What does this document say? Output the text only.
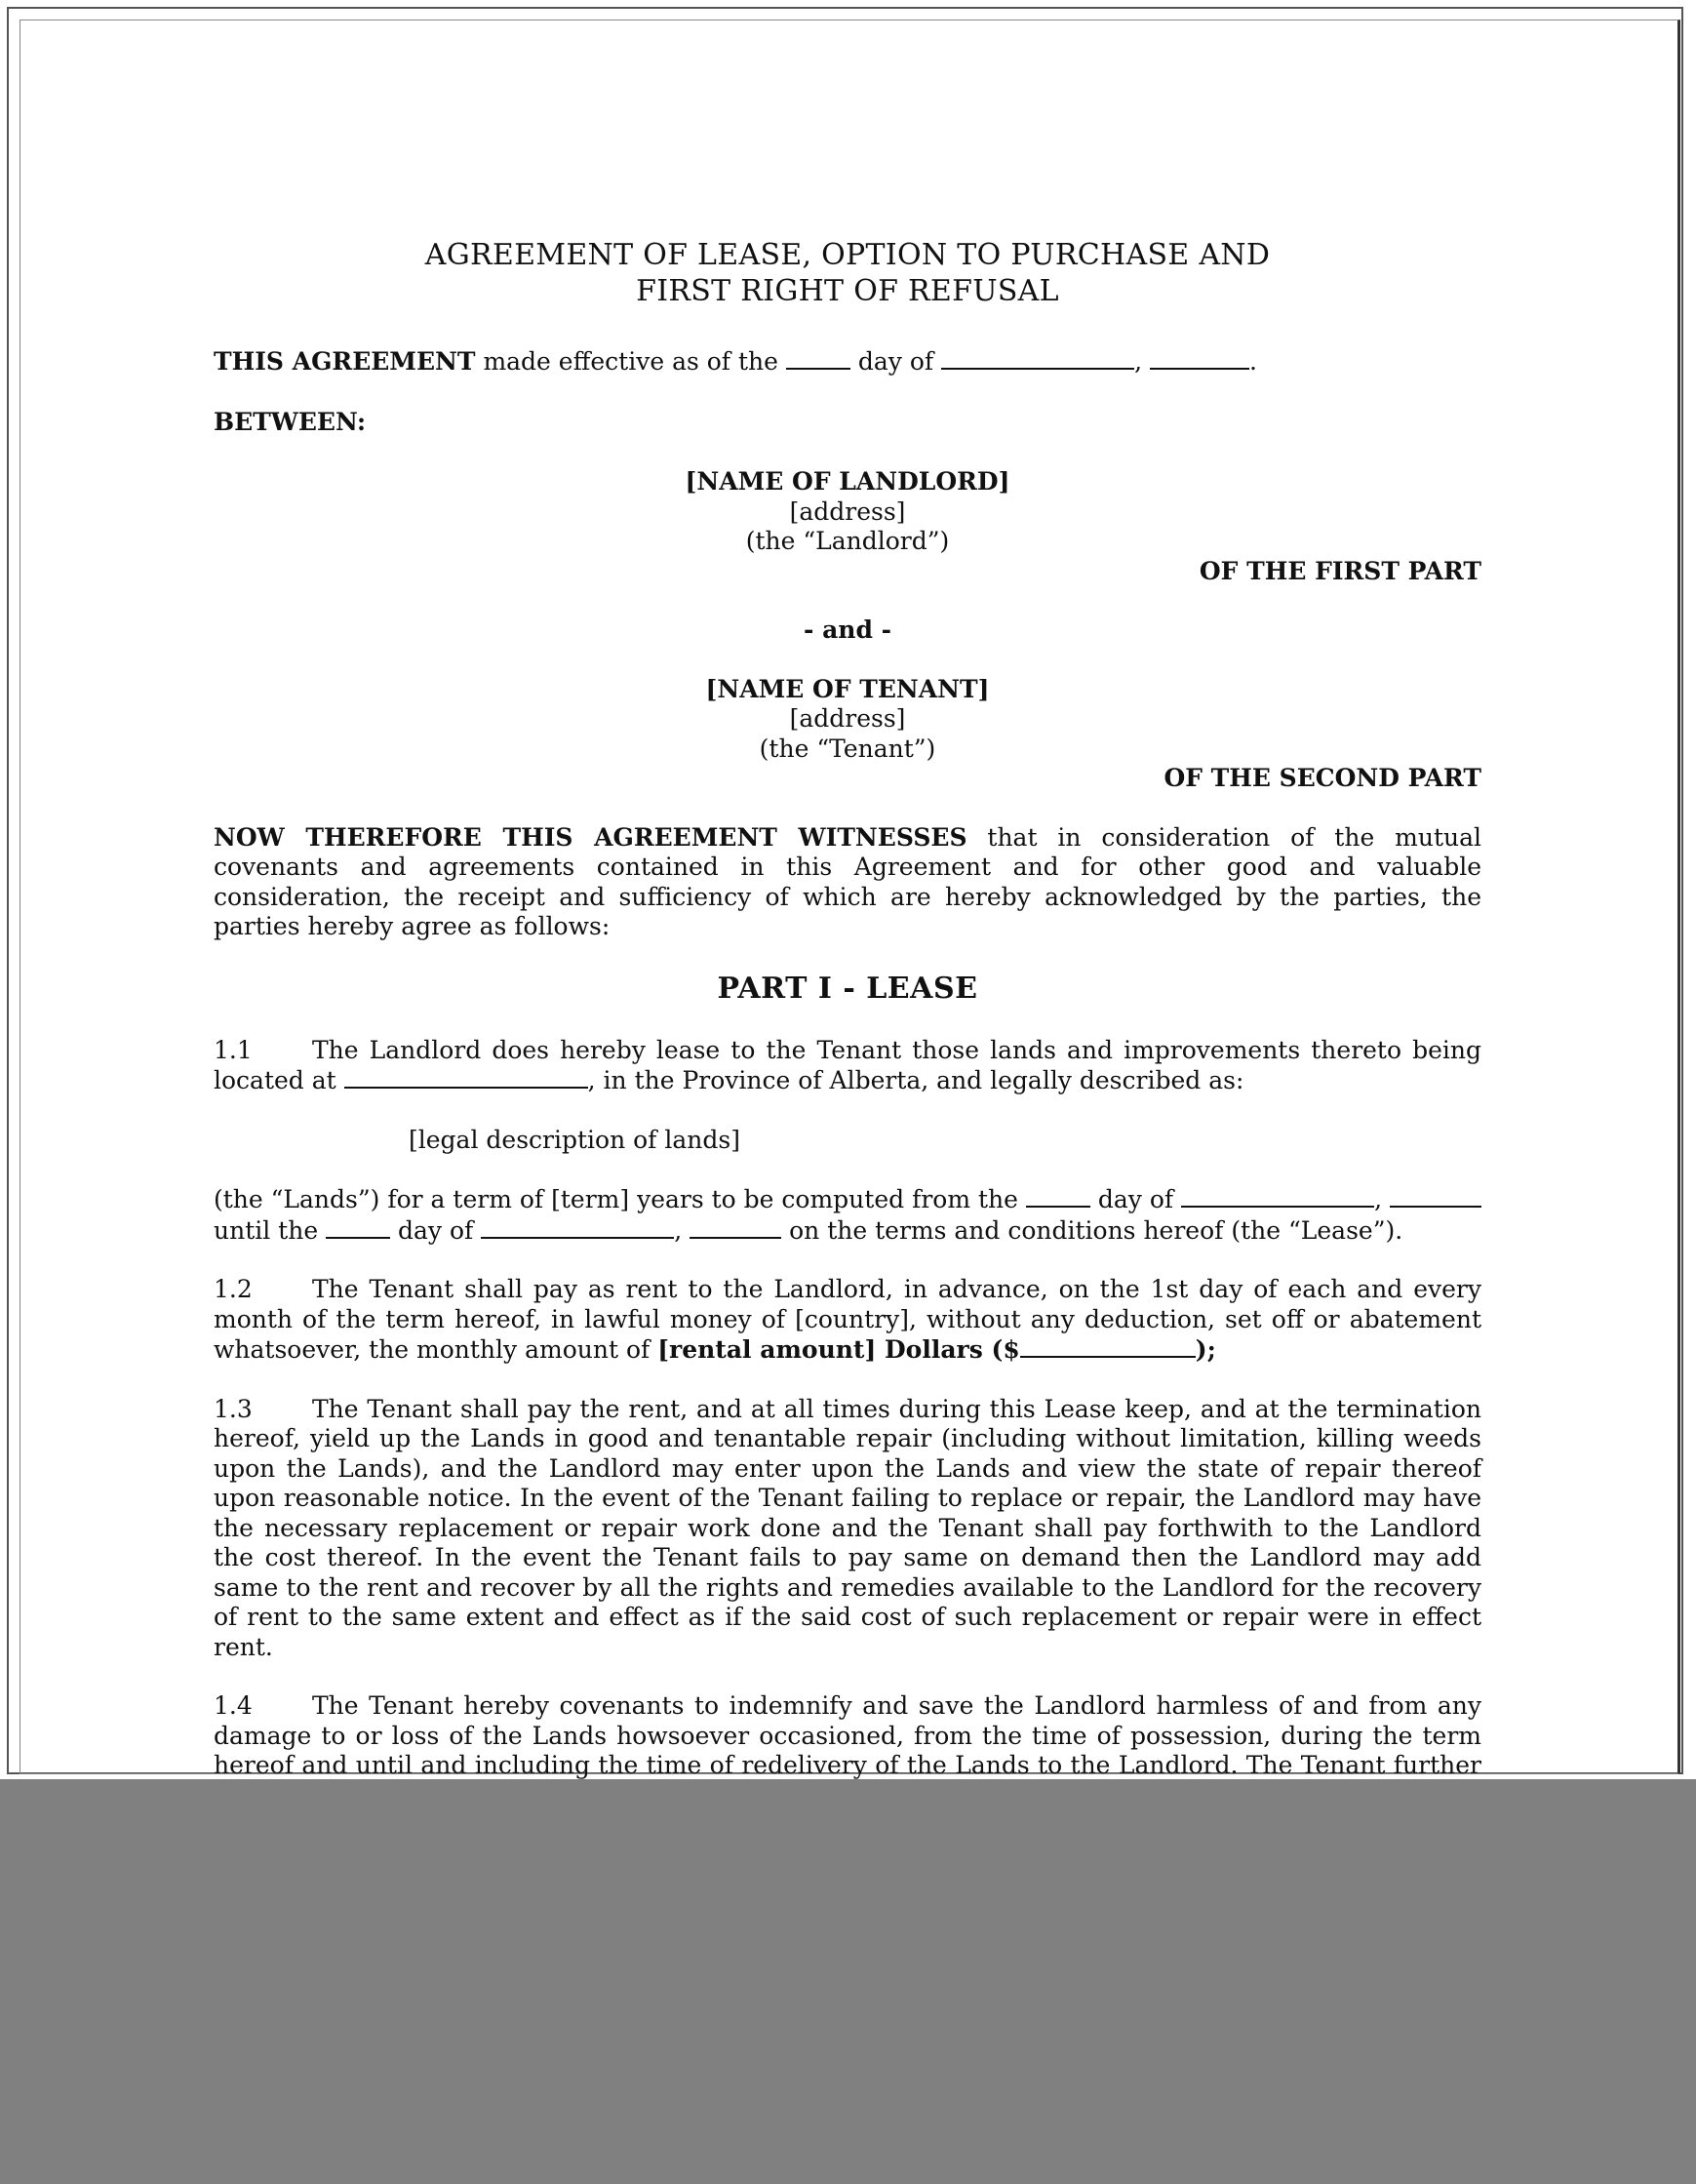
AGREEMENT OF LEASE, OPTION TO PURCHASE AND
FIRST RIGHT OF REFUSAL

THIS AGREEMENT made effective as of the	day of	,	.

BETWEEN:

[NAME OF LANDLORD]

[address]

(the “Landlord”)

OF THE FIRST PART

- and -

[NAME OF TENANT]

[address]

(the “Tenant”)

OF THE SECOND PART

NOW THEREFORE THIS AGREEMENT WITNESSES that in consideration of the mutual covenants and agreements contained in this Agreement and for other good and valuable consideration, the receipt and sufficiency of which are hereby acknowledged by the parties, the parties hereby agree as follows:

PART I - LEASE

1.1 The Landlord does hereby lease to the Tenant those lands and improvements thereto being located at	, in the Province of Alberta, and legally described as:

[legal description of lands]

(the “Lands”) for a term of [term] years to be computed from the	day of	,  until the	day of	,	on the terms and conditions hereof (the “Lease”).

1.2 The Tenant shall pay as rent to the Landlord, in advance, on the 1st day of each and every month of the term hereof, in lawful money of [country], without any deduction, set off or abatement whatsoever, the monthly amount of [rental amount] Dollars ($	);

1.3 The Tenant shall pay the rent, and at all times during this Lease keep, and at the termination hereof, yield up the Lands in good and tenantable repair (including without limitation, killing weeds upon the Lands), and the Landlord may enter upon the Lands and view the state of repair thereof upon reasonable notice. In the event of the Tenant failing to replace or repair, the Landlord may have the necessary replacement or repair work done and the Tenant shall pay forthwith to the Landlord the cost thereof. In the event the Tenant fails to pay same on demand then the Landlord may add same to the rent and recover by all the rights and remedies available to the Landlord for the recovery of rent to the same extent and effect as if the said cost of such replacement or repair were in effect rent.

1.4 The Tenant hereby covenants to indemnify and save the Landlord harmless of and from any damage to or loss of the Lands howsoever occasioned, from the time of possession, during the term hereof and until and including the time of redelivery of the Lands to the Landlord. The Tenant further
